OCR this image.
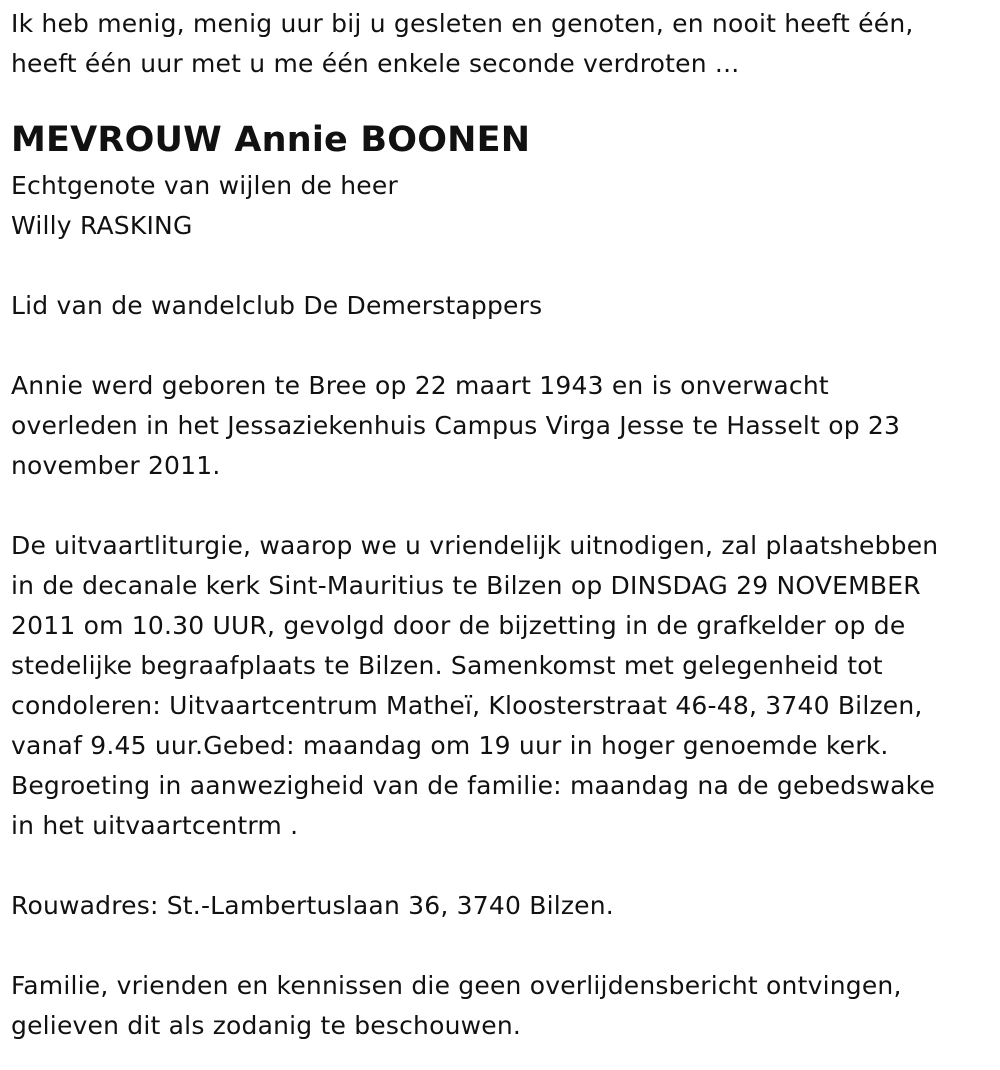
Ik heb menig, menig uur bij u gesleten en genoten, en nooit heeft één,
heeft één uur met u me één enkele seconde verdroten ...
MEVROUW Annie BOONEN
Echtgenote van wijlen de heer
Willy RASKING
Lid van de wandelclub De Demerstappers
Annie werd geboren te Bree op 22 maart 1943 en is onverwacht
overleden in het Jessaziekenhuis Campus Virga Jesse te Hasselt op 23
november 2011.
De uitvaartliturgie, waarop we u vriendelijk uitnodigen, zal plaatshebben
in de decanale kerk Sint-Mauritius te Bilzen op DINSDAG 29 NOVEMBER
2011 om 10.30 UUR, gevolgd door de bijzetting in de grafkelder op de
stedelijke begraafplaats te Bilzen. Samenkomst met gelegenheid tot
condoleren: Uitvaartcentrum Matheï, Kloosterstraat 46-48, 3740 Bilzen,
vanaf 9.45 uur.Gebed: maandag om 19 uur in hoger genoemde kerk.
Begroeting in aanwezigheid van de familie: maandag na de gebedswake
in het uitvaartcentrm .
Rouwadres: St.-Lambertuslaan 36, 3740 Bilzen.
Familie, vrienden en kennissen die geen overlijdensbericht ontvingen,
gelieven dit als zodanig te beschouwen.
